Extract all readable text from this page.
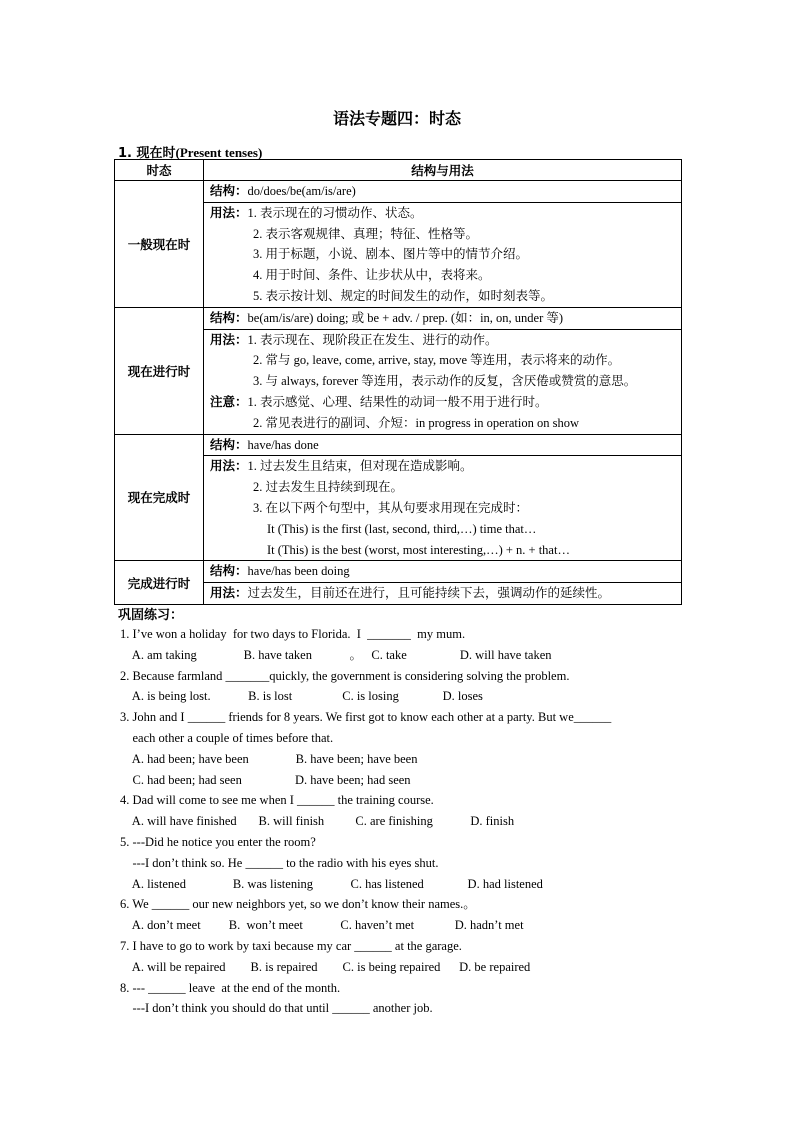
语法专题四：时态
1. 现在时(Present tenses)
时态	结构与用法
一般现在时	结构：do/does/be(am/is/are)

	用法：1. 表示现在的习惯动作、状态。
2. 表示客观规律、真理；特征、性格等。
3. 用于标题，小说、剧本、图片等中的情节介绍。
4. 用于时间、条件、让步状从中，表将来。
5. 表示按计划、规定的时间发生的动作，如时刻表等。

现在进行时	结构：be(am/is/are) doing; 或 be + adv. / prep. (如：in, on, under 等)

	用法：1. 表示现在、现阶段正在发生、进行的动作。
2. 常与 go, leave, come, arrive, stay, move 等连用，表示将来的动作。
3. 与 always, forever 等连用，表示动作的反复，含厌倦或赞赏的意思。
注意：1. 表示感觉、心理、结果性的动词一般不用于进行时。
2. 常见表进行的副词、介短：in progress in operation on show

现在完成时	结构：have/has done

	用法：1. 过去发生且结束，但对现在造成影响。
2. 过去发生且持续到现在。
3. 在以下两个句型中，其从句要求用现在完成时：
It (This) is the first (last, second, third,…) time that…
It (This) is the best (worst, most interesting,…) + n. + that…

完成进行时	结构：have/has been doing

	用法：过去发生，目前还在进行，且可能持续下去，强调动作的延续性。
巩固练习：
1. I’ve won a holiday  for two days to Florida.  I  _______  my mum.
A. am taking               B. have taken            。   C. take                 D. will have taken
2. Because farmland _______quickly, the government is considering solving the problem.
A. is being lost.            B. is lost                C. is losing              D. loses
3. John and I ______ friends for 8 years. We first got to know each other at a party. But we______
each other a couple of times before that.
A. had been; have been               B. have been; have been
C. had been; had seen                 D. have been; had seen
4. Dad will come to see me when I ______ the training course.
A. will have finished       B. will finish          C. are finishing            D. finish
5. ---Did he notice you enter the room?
---I don’t think so. He ______ to the radio with his eyes shut.
A. listened               B. was listening            C. has listened              D. had listened
6. We ______ our new neighbors yet, so we don’t know their names.。
A. don’t meet         B.  won’t meet            C. haven’t met             D. hadn’t met
7. I have to go to work by taxi because my car ______ at the garage.
A. will be repaired        B. is repaired        C. is being repaired      D. be repaired
8. --- ______ leave  at the end of the month.
---I don’t think you should do that until ______ another job.
